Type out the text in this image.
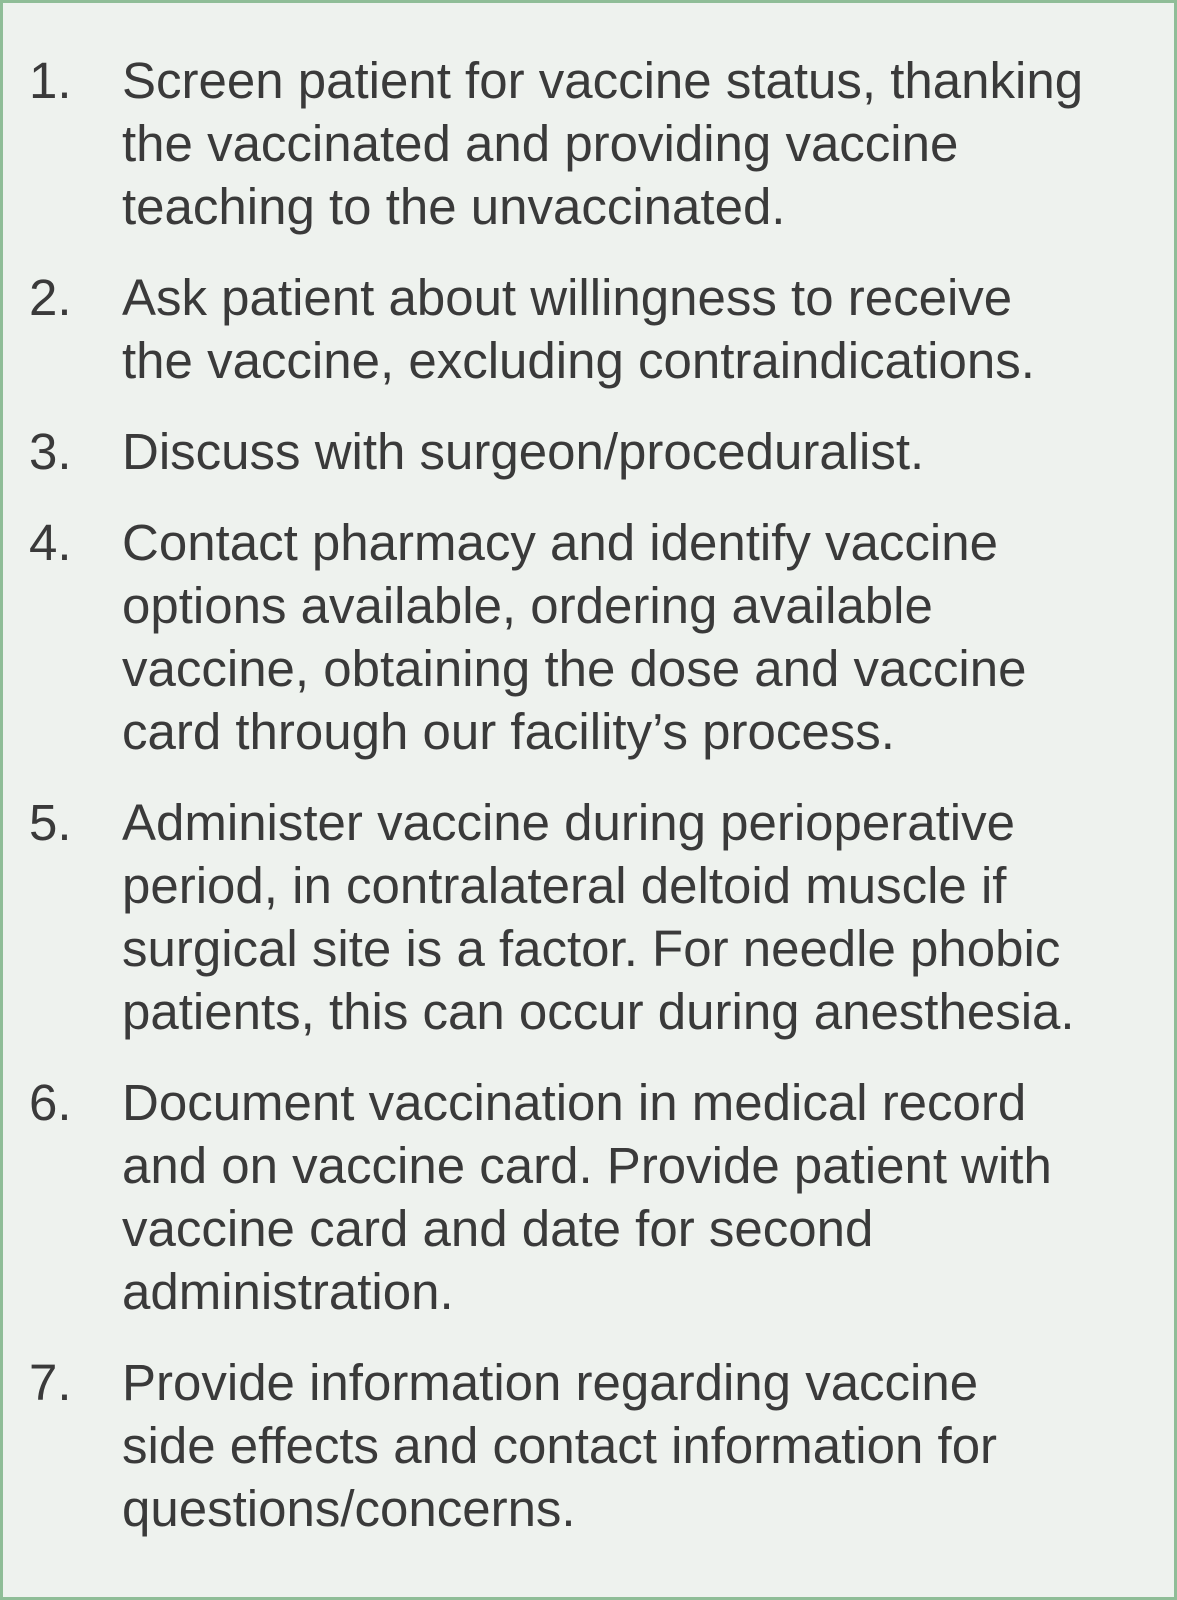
1. Screen patient for vaccine status, thanking
the vaccinated and providing vaccine
teaching to the unvaccinated.
2. Ask patient about willingness to receive
the vaccine, excluding contraindications.
3. Discuss with surgeon/proceduralist.
4. Contact pharmacy and identify vaccine
options available, ordering available
vaccine, obtaining the dose and vaccine
card through our facility’s process.
5. Administer vaccine during perioperative
period, in contralateral deltoid muscle if
surgical site is a factor. For needle phobic
patients, this can occur during anesthesia.
6. Document vaccination in medical record
and on vaccine card. Provide patient with
vaccine card and date for second
administration.
7. Provide information regarding vaccine
side effects and contact information for
questions/concerns.
